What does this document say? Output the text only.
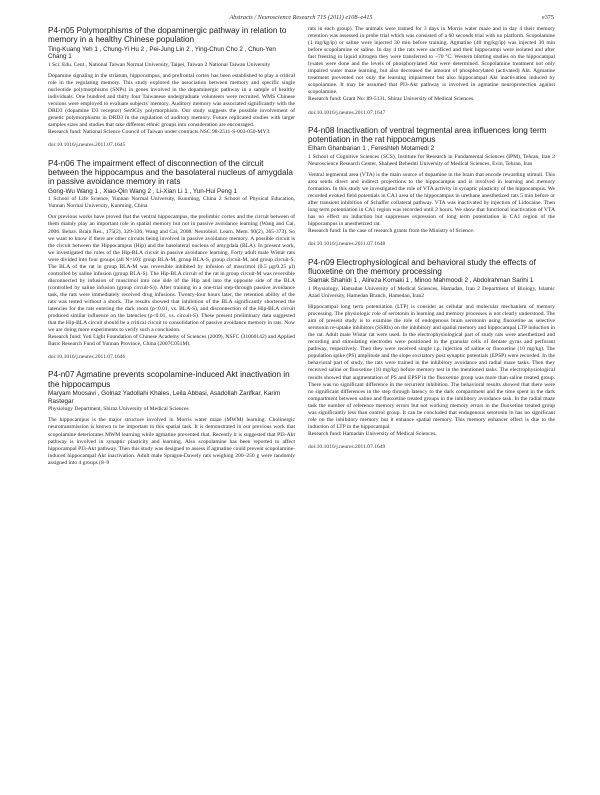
Abstracts / Neuroscience Research 71S (2011) e108–e415	e375
P4-n05 Polymorphisms of the dopaminergic pathway in relation to memory in a healthy Chinese population
Ting-Kuang Yeh 1 , Chung-Yi Hu 2 , Pei-Jung Lin 2 , Ying-Chun Cho 2 , Chun-Yen Chang 1
1 Sci. Edu. Cent., National Taiwan Normal University, Taipei, Taiwan 2 National Taiwan University

Dopamine signaling in the striatum, hippocampus, and prefrontal cortex has been established to play a critical role in the regulating memory. This study explored the association between memory and specific single nucleotide polymorphisms (SNPs) in genes involved in the dopaminergic pathway in a sample of healthy individuals. One hundred and thirty four Taiwanese undergraduate volunteers were recruited. WMS Chinese versions were employed to evaluate subjects' memory. Auditory memory was associated significantly with the DRD3 (dopamine D3 receptor) Ser9Gly polymorphism. Our study suggests the possible involvement of genetic polymorphisms in DRD3 in the regulation of auditory memory. Future replicated studies with larger samples sizes and studies that take different ethnic groups into consideration are encouraged.

Research fund: National Science Council of Taiwan under contracts NSC 98-2511-S-003-050-MY3.

doi:10.1016/j.neures.2011.07.1645
P4-n06 The impairment effect of disconnection of the circuit between the hippocampus and the basolateral nucleus of amygdala in passive avoidance memory in rats
Gong-Wu Wang 1 , Xiao-Qin Wang 2 , Li-Xian Li 1 , Yun-Hui Peng 1
1 School of Life Science, Yunnan Normal University, Kunming, China 2 School of Physical Education, Yunnan Normal University, Kunming, China

Our previous works have proved that the ventral hippocampus, the prelimbic cortex and the circuit between of them mainly play an important role in spatial memory but not in passive avoidance learning (Wang and Cai, 2006. Behav. Brain Res., 175(2), 329-336; Wang and Cai, 2008. Neurobiol. Learn. Mem. 90(2), 365-373). So we want to know if there are other circuits being involved in passive avoidance memory. A possible circuit is the circuit between the Hippocampus (Hip) and the basolateral nucleus of amygdala (BLA). In present work, we investigated the roles of the Hip-BLA circuit in passive avoidance learning. Forty adult male Wistar rats were divided into four groups (all N=10): group BLA-M, group BLA-S, group circuit-M, and group circuit-S. The BLA of the rat in group BLA-M was reversible inhibited by infusion of muscimol (0.5 μg/0.25 μl) controlled by saline infusion (group BLA-S). The Hip-BLA circuit of the rat in group circuit-M was reversible disconnected by infusion of muscimol into one side of the Hip and into the opposite side of the BLA (controlled by saline infusion (group circuit-S)). After training in a one-trial step-through passive avoidance task, the rats were immediately received drug infusions. Twenty-four hours later, the retention ability of the rats was tested without a shock. The results showed that inhibition of the BLA significantly shortened the latencies for the rats entering the dark room (p<0.01, vs. BLA-S), and disconnection of the Hip-BLA circuit produced similar influence on the latencies (p<0.01, vs. circuit-S). These present preliminary data suggested that the Hip-BLA circuit should be a critical circuit to consolidation of passive avoidance memory in rats. Now we are doing more experiments to verify such a conclusion.

Research fund: Yeti Light Foundation of Chinese Academy of Sciences (2009), NSFC (31060142) and Applied Basic Research Fund of Yunnan Province, China (2007C051M).

doi:10.1016/j.neures.2011.07.1646
P4-n07 Agmatine prevents scopolamine-induced Akt inactivation in the hippocampus
Maryam Moosavi , Golnaz Yadollahi Khales, Leila Abbasi, Asadollah Zarifkar, Karim Rastegar
Physiology Department, Shiraz University of Medical Sciences

The hippocampus is the major structure involved in Morris water maze (MWM) learning. Cholinergic neurotransmission is known to be important in this spatial task. It is demonstrated in our previous work that scopolamine deteriorates MWM learning while agmatine prevented that. Recently it is suggested that PI3-Akt pathway is involved in synaptic plasticity and learning. Also scopolamine has been reported to affect hippocampal PI3-Akt pathway. Then this study was designed to assess if agmatine could prevent scopolamine-induced hippocampal Akt inactivation. Adult male Sprague-Dawely rats weighing 200–250 g were randomly assigned into 4 groups (8–9

rats in each group). The animals were trained for 3 days in Morris water maze and in day 4 their memory retention was assessed in probe trial which was consisted of a 60 seconds trial with no platform. Scopolamine (1 mg/kg/ip) or saline were injected 30 min before training. Agmatine (40 mg/kg/ip) was injected 30 min before scopolamine or saline. In day 4 the rats were sacrificed and their hippocampi were isolated and after fast freezing in liquid nitrogen they were transferred to −70 °C. Western blotting studies on the hippocampal lysates were done and the levels of phosphorylated Akt were determined. Scopolamine treatment not only impaired water maze learning, but also decreased the amount of phosphorylated (activated) Akt. Agmatine treatment prevented not only the learning impairment but also hippocampal Akt inactivation induced by scopolamine. It may be assumed that PI3-Akt pathway is involved in agmatine neuroprotection against scopolamine.

Research fund: Grant No: 89-5131, Shiraz University of Medical Sciences.

doi:10.1016/j.neures.2011.07.1647
P4-n08 Inactivation of ventral tegmental area influences long term potentiation in the rat hippocampus
Elham Ghanbarian 1 , Fereshteh Motamedi 2
1 School of Cognitive Sciences (SCS), Institute for Research in Fundamental Sciences (IPM), Tehran, Iran 2 Neuroscience Research Center, Shaheed Beheshti University of Medical Sciences, Evin, Tehran, Iran

Ventral tegmental area (VTA) is the main source of dopamine in the brain that encode rewarding stimuli. This area sends direct and indirect projections to the hippocampus and is involved in learning and memory formation. In this study we investigated the role of VTA activity in synaptic plasticity of the hippocampus. We recorded evoked field potentials in CA1 area of the hippocampus in urethane anesthetized rats 5 min before or after transient inhibition of Schaffer collateral pathway. VTA was inactivated by injection of Lidocaine. Then long term potentiation in CA1 region was recorded until 2 hours. We show that functional inactivation of VTA has no effect on induction but suppresses expression of long term potentiation in CA1 region of the hippocampus in anesthetized rat.

Research fund: In the case of research grants from the Ministry of Science.

doi:10.1016/j.neures.2011.07.1648
P4-n09 Electrophysiological and behavioral study the effects of fluoxetine on the memory processing
Siamak Shahidi 1 , Alireza Komaki 1 , Minoo Mahmoodi 2 , Abdolrahman Sarihi 1
1 Physiology, Hamadan University of Medical Sciences, Hamadan, Iran 2 Department of Biology, Islamic Azad University, Hamedan Branch, Hamedan, Iran2

Hippocampal long term potentiation (LTP) is consider as cellular and molecular mechanism of memory processing. The physiologic role of serotonin in learning and memory processes is not clearly understood. The aim of present study is to examine the role of endogenous brain serotonin using fluoxetine as selective serotonin re-uptake inhibitors (SSRIs) on the inhibitory and spatial memory and hippocampal LTP induction in the rat. Adult male Wistar rat were used. In the electrophysiological part of study rats were anesthetized and recording and stimulating electrodes were positioned in the granular cells of dentate gyrus and perforant pathway, respectively. Then they were received single i.p. injection of saline or fluoxetine (10 mg/kg). The population spike (PS) amplitude and the slope excitatory post synaptic potentials (EPSP) were recorded. In the behavioral part of study, the rats were trained in the inhibitory avoidance and radial maze tasks. Then they received saline or fluoxetine (10 mg/kg) before memory test in the mentioned tasks. The electrophysiological results showed that augmentation of PS and EPSP in the fluoxetine group was more than saline treated group. There was no significant difference in the recurrent inhibition. The behavioral results showed that there were no significant differences in the step through latency to the dark compartment and the time spent in the dark compartment between saline and fluoxetine treated groups in the inhibitory avoidance task. In the radial maze task the number of reference memory errors but not working memory errors in the fluoxetine treated group was significantly less than control group. It can be concluded that endogenous serotonin in has no significant role on the inhibitory memory but it enhance spatial memory. This memory enhancer effect is due to the induction of LTP in the hippocampal.

Research fund: Hamadan University of Medical Sciences.

doi:10.1016/j.neures.2011.07.1649
